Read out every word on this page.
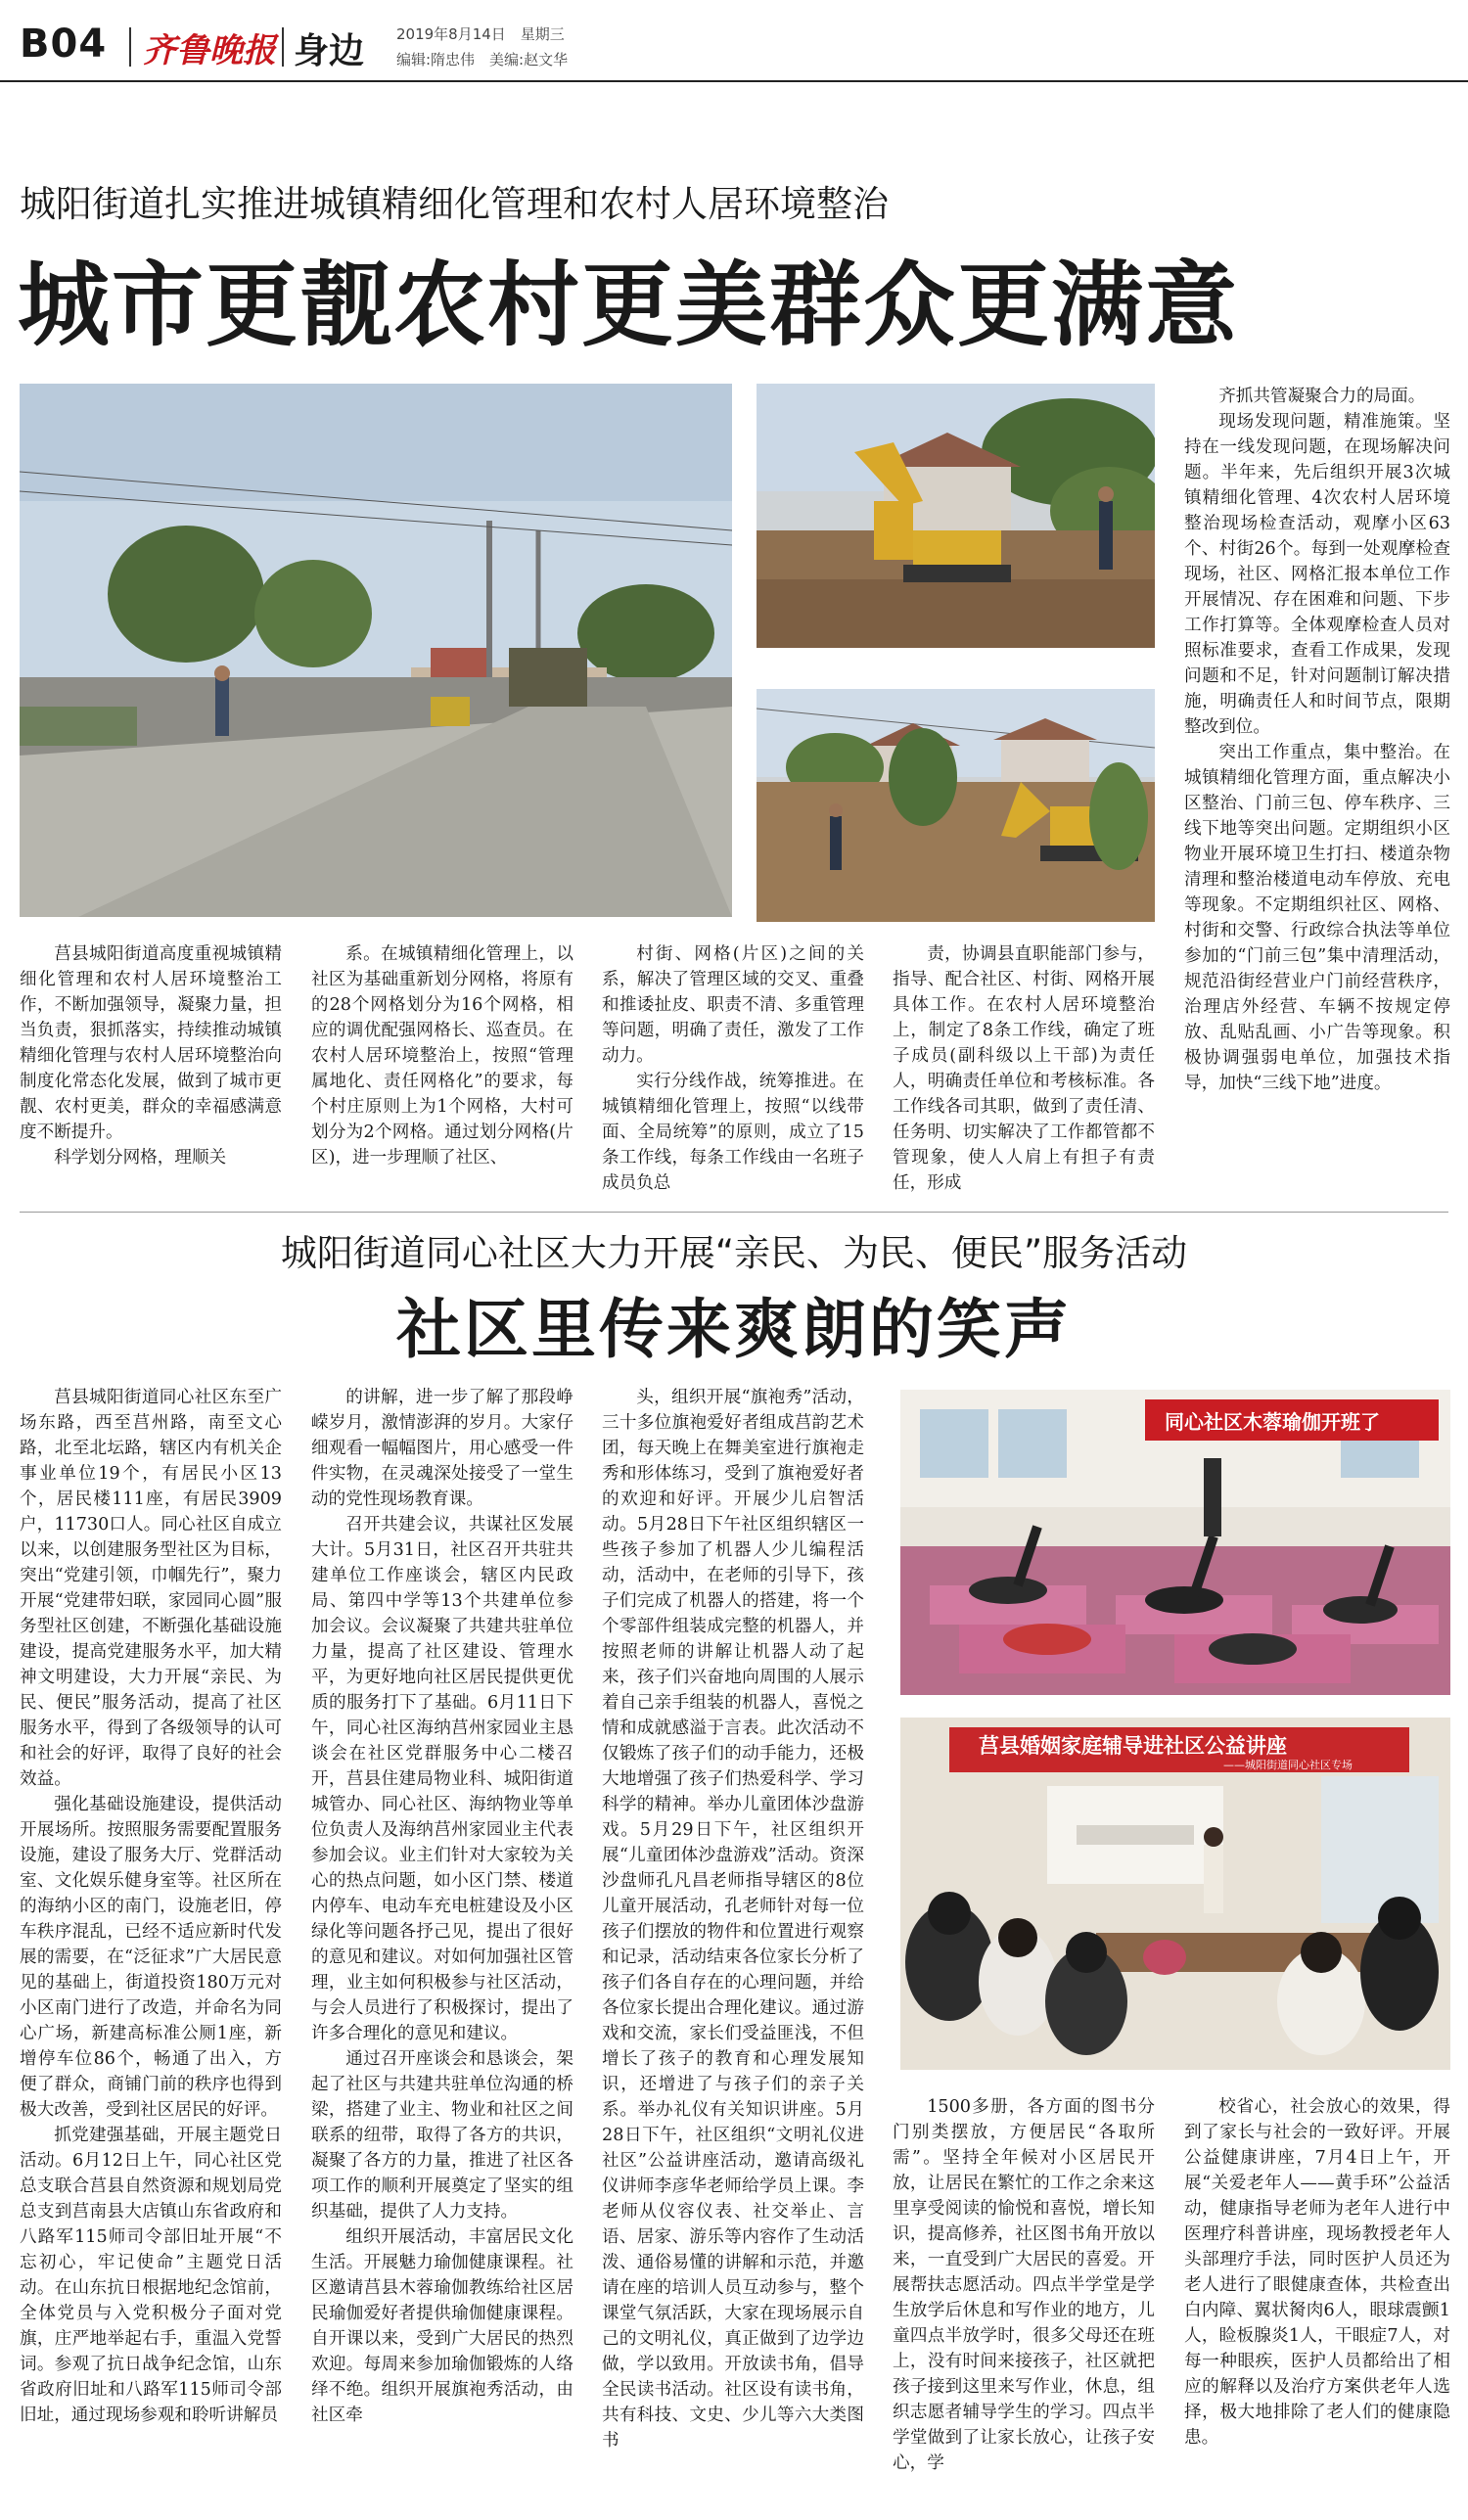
B04 齐鲁晚报 身边 2019年8月14日　星期三
编辑:隋忠伟　美编:赵文华
城阳街道扎实推进城镇精细化管理和农村人居环境整治
城市更靓农村更美群众更满意

莒县城阳街道高度重视城镇精细化管理和农村人居环境整治工作，不断加强领导，凝聚力量，担当负责，狠抓落实，持续推动城镇精细化管理与农村人居环境整治向制度化常态化发展，做到了城市更靓、农村更美，群众的幸福感满意度不断提升。

科学划分网格，理顺关

系。在城镇精细化管理上，以社区为基础重新划分网格，将原有的28个网格划分为16个网格，相应的调优配强网格长、巡查员。在农村人居环境整治上，按照“管理属地化、责任网格化”的要求，每个村庄原则上为1个网格，大村可划分为2个网格。通过划分网格(片区)，进一步理顺了社区、

村街、网格(片区)之间的关系，解决了管理区域的交叉、重叠和推诿扯皮、职责不清、多重管理等问题，明确了责任，激发了工作动力。

实行分线作战，统筹推进。在城镇精细化管理上，按照“以线带面、全局统筹”的原则，成立了15条工作线，每条工作线由一名班子成员负总

责，协调县直职能部门参与，指导、配合社区、村街、网格开展具体工作。在农村人居环境整治上，制定了8条工作线，确定了班子成员(副科级以上干部)为责任人，明确责任单位和考核标准。各工作线各司其职，做到了责任清、任务明、切实解决了工作都管都不管现象，使人人肩上有担子有责任，形成

齐抓共管凝聚合力的局面。

现场发现问题，精准施策。坚持在一线发现问题，在现场解决问题。半年来，先后组织开展3次城镇精细化管理、4次农村人居环境整治现场检查活动，观摩小区63个、村街26个。每到一处观摩检查现场，社区、网格汇报本单位工作开展情况、存在困难和问题、下步工作打算等。全体观摩检查人员对照标准要求，查看工作成果，发现问题和不足，针对问题制订解决措施，明确责任人和时间节点，限期整改到位。

突出工作重点，集中整治。在城镇精细化管理方面，重点解决小区整治、门前三包、停车秩序、三线下地等突出问题。定期组织小区物业开展环境卫生打扫、楼道杂物清理和整治楼道电动车停放、充电等现象。不定期组织社区、网格、村街和交警、行政综合执法等单位参加的“门前三包”集中清理活动，规范沿街经营业户门前经营秩序，治理店外经营、车辆不按规定停放、乱贴乱画、小广告等现象。积极协调强弱电单位，加强技术指导，加快“三线下地”进度。

城阳街道同心社区大力开展“亲民、为民、便民”服务活动
社区里传来爽朗的笑声

莒县城阳街道同心社区东至广场东路，西至莒州路，南至文心路，北至北坛路，辖区内有机关企事业单位19个，有居民小区13个，居民楼111座，有居民3909户，11730口人。同心社区自成立以来，以创建服务型社区为目标，突出“党建引领，巾帼先行”，聚力开展“党建带妇联，家园同心圆”服务型社区创建，不断强化基础设施建设，提高党建服务水平，加大精神文明建设，大力开展“亲民、为民、便民”服务活动，提高了社区服务水平，得到了各级领导的认可和社会的好评，取得了良好的社会效益。

强化基础设施建设，提供活动开展场所。按照服务需要配置服务设施，建设了服务大厅、党群活动室、文化娱乐健身室等。社区所在的海纳小区的南门，设施老旧，停车秩序混乱，已经不适应新时代发展的需要，在“泛征求”广大居民意见的基础上，街道投资180万元对小区南门进行了改造，并命名为同心广场，新建高标准公厕1座，新增停车位86个，畅通了出入，方便了群众，商铺门前的秩序也得到极大改善，受到社区居民的好评。

抓党建强基础，开展主题党日活动。6月12日上午，同心社区党总支联合莒县自然资源和规划局党总支到莒南县大店镇山东省政府和八路军115师司令部旧址开展“不忘初心，牢记使命”主题党日活动。在山东抗日根据地纪念馆前，全体党员与入党积极分子面对党旗，庄严地举起右手，重温入党誓词。参观了抗日战争纪念馆，山东省政府旧址和八路军115师司令部旧址，通过现场参观和聆听讲解员

的讲解，进一步了解了那段峥嵘岁月，激情澎湃的岁月。大家仔细观看一幅幅图片，用心感受一件件实物，在灵魂深处接受了一堂生动的党性现场教育课。

召开共建会议，共谋社区发展大计。5月31日，社区召开共驻共建单位工作座谈会，辖区内民政局、第四中学等13个共建单位参加会议。会议凝聚了共建共驻单位力量，提高了社区建设、管理水平，为更好地向社区居民提供更优质的服务打下了基础。6月11日下午，同心社区海纳莒州家园业主恳谈会在社区党群服务中心二楼召开，莒县住建局物业科、城阳街道城管办、同心社区、海纳物业等单位负责人及海纳莒州家园业主代表参加会议。业主们针对大家较为关心的热点问题，如小区门禁、楼道内停车、电动车充电桩建设及小区绿化等问题各抒己见，提出了很好的意见和建议。对如何加强社区管理，业主如何积极参与社区活动，与会人员进行了积极探讨，提出了许多合理化的意见和建议。

通过召开座谈会和恳谈会，架起了社区与共建共驻单位沟通的桥梁，搭建了业主、物业和社区之间联系的纽带，取得了各方的共识，凝聚了各方的力量，推进了社区各项工作的顺利开展奠定了坚实的组织基础，提供了人力支持。

组织开展活动，丰富居民文化生活。开展魅力瑜伽健康课程。社区邀请莒县木蓉瑜伽教练给社区居民瑜伽爱好者提供瑜伽健康课程。自开课以来，受到广大居民的热烈欢迎。每周来参加瑜伽锻炼的人络绎不绝。组织开展旗袍秀活动，由社区牵

头，组织开展“旗袍秀”活动，三十多位旗袍爱好者组成莒韵艺术团，每天晚上在舞美室进行旗袍走秀和形体练习，受到了旗袍爱好者的欢迎和好评。开展少儿启智活动。5月28日下午社区组织辖区一些孩子参加了机器人少儿编程活动，活动中，在老师的引导下，孩子们完成了机器人的搭建，将一个个零部件组装成完整的机器人，并按照老师的讲解让机器人动了起来，孩子们兴奋地向周围的人展示着自己亲手组装的机器人，喜悦之情和成就感溢于言表。此次活动不仅锻炼了孩子们的动手能力，还极大地增强了孩子们热爱科学、学习科学的精神。举办儿童团体沙盘游戏。5月29日下午，社区组织开展“儿童团体沙盘游戏”活动。资深沙盘师孔凡昌老师指导辖区的8位儿童开展活动，孔老师针对每一位孩子们摆放的物件和位置进行观察和记录，活动结束各位家长分析了孩子们各自存在的心理问题，并给各位家长提出合理化建议。通过游戏和交流，家长们受益匪浅，不但增长了孩子的教育和心理发展知识，还增进了与孩子们的亲子关系。举办礼仪有关知识讲座。5月28日下午，社区组织“文明礼仪进社区”公益讲座活动，邀请高级礼仪讲师李彦华老师给学员上课。李老师从仪容仪表、社交举止、言语、居家、游乐等内容作了生动活泼、通俗易懂的讲解和示范，并邀请在座的培训人员互动参与，整个课堂气氛活跃，大家在现场展示自己的文明礼仪，真正做到了边学边做，学以致用。开放读书角，倡导全民读书活动。社区设有读书角，共有科技、文史、少儿等六大类图书

1500多册，各方面的图书分门别类摆放，方便居民“各取所需”。坚持全年候对小区居民开放，让居民在繁忙的工作之余来这里享受阅读的愉悦和喜悦，增长知识，提高修养，社区图书角开放以来，一直受到广大居民的喜爱。开展帮扶志愿活动。四点半学堂是学生放学后休息和写作业的地方，儿童四点半放学时，很多父母还在班上，没有时间来接孩子，社区就把孩子接到这里来写作业，休息，组织志愿者辅导学生的学习。四点半学堂做到了让家长放心，让孩子安心，学

校省心，社会放心的效果，得到了家长与社会的一致好评。开展公益健康讲座，7月4日上午，开展“关爱老年人——黄手环”公益活动，健康指导老师为老年人进行中医理疗科普讲座，现场教授老年人头部理疗手法，同时医护人员还为老人进行了眼健康查体，共检查出白内障、翼状胬肉6人，眼球震颤1人，睑板腺炎1人，干眼症7人，对每一种眼疾，医护人员都给出了相应的解释以及治疗方案供老年人选择，极大地排除了老人们的健康隐患。

同心社区木蓉瑜伽开班了
莒县婚姻家庭辅导进社区公益讲座
——城阳街道同心社区专场
